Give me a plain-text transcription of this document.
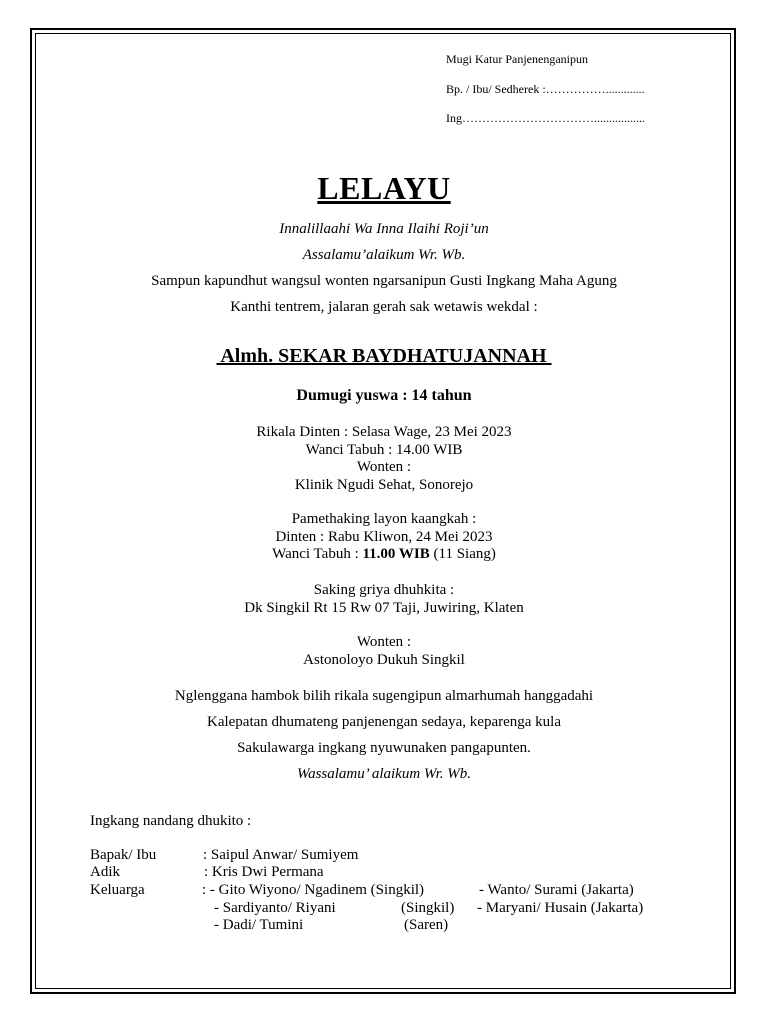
Mugi Katur Panjenenganipun
Bp. / Ibu/ Sedherek :…………….............
Ing…………………………….................
LELAYU
Innalillaahi Wa Inna Ilaihi Roji’un
Assalamu’alaikum Wr. Wb.
Sampun kapundhut wangsul wonten ngarsanipun Gusti Ingkang Maha Agung
Kanthi tentrem, jalaran gerah sak wetawis wekdal :
Almh. SEKAR BAYDHATUJANNAH
Dumugi yuswa : 14 tahun
Rikala Dinten : Selasa Wage, 23 Mei 2023
Wanci Tabuh : 14.00 WIB
Wonten :
Klinik Ngudi Sehat, Sonorejo
Pamethaking layon kaangkah :
Dinten : Rabu Kliwon, 24 Mei 2023
Wanci Tabuh : 11.00 WIB (11 Siang)
Saking griya dhuhkita :
Dk Singkil Rt 15 Rw 07 Taji, Juwiring, Klaten
Wonten :
Astonoloyo Dukuh Singkil
Nglenggana hambok bilih rikala sugengipun almarhumah hanggadahi
Kalepatan dhumateng panjenengan sedaya, keparenga kula
Sakulawarga ingkang nyuwunaken pangapunten.
Wassalamu’ alaikum Wr. Wb.
Ingkang nandang dhukito :
Bapak/ Ibu	: Saipul Anwar/ Sumiyem
Adik	: Kris Dwi Permana
Keluarga	: - Gito Wiyono/ Ngadinem (Singkil)	- Wanto/ Surami (Jakarta)
- Sardiyanto/ Riyani	(Singkil) - Maryani/ Husain (Jakarta)
- Dadi/ Tumini	(Saren)
